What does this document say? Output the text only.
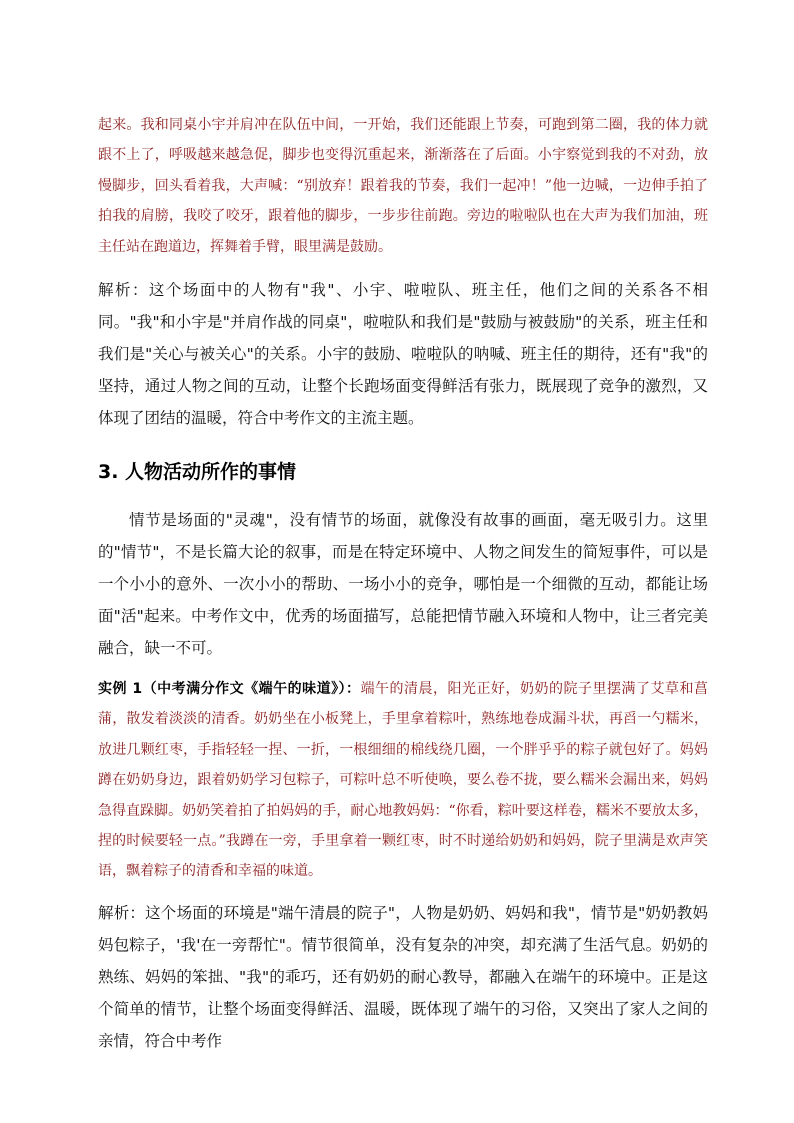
起来。我和同桌小宇并肩冲在队伍中间，一开始，我们还能跟上节奏，可跑到第二圈，我的体力就跟不上了，呼吸越来越急促，脚步也变得沉重起来，渐渐落在了后面。小宇察觉到我的不对劲，放慢脚步，回头看着我，大声喊：“别放弃！跟着我的节奏，我们一起冲！”他一边喊，一边伸手拍了拍我的肩膀，我咬了咬牙，跟着他的脚步，一步步往前跑。旁边的啦啦队也在大声为我们加油，班主任站在跑道边，挥舞着手臂，眼里满是鼓励。

解析：这个场面中的人物有"我"、小宇、啦啦队、班主任，他们之间的关系各不相同。"我"和小宇是"并肩作战的同桌"，啦啦队和我们是"鼓励与被鼓励"的关系，班主任和我们是"关心与被关心"的关系。小宇的鼓励、啦啦队的呐喊、班主任的期待，还有"我"的坚持，通过人物之间的互动，让整个长跑场面变得鲜活有张力，既展现了竞争的激烈，又体现了团结的温暖，符合中考作文的主流主题。

3. 人物活动所作的事情

情节是场面的"灵魂"，没有情节的场面，就像没有故事的画面，毫无吸引力。这里的"情节"，不是长篇大论的叙事，而是在特定环境中、人物之间发生的简短事件，可以是一个小小的意外、一次小小的帮助、一场小小的竞争，哪怕是一个细微的互动，都能让场面"活"起来。中考作文中，优秀的场面描写，总能把情节融入环境和人物中，让三者完美融合，缺一不可。

实例 1（中考满分作文《端午的味道》）：端午的清晨，阳光正好，奶奶的院子里摆满了艾草和菖蒲，散发着淡淡的清香。奶奶坐在小板凳上，手里拿着粽叶，熟练地卷成漏斗状，再舀一勺糯米，放进几颗红枣，手指轻轻一捏、一折，一根细细的棉线绕几圈，一个胖乎乎的粽子就包好了。妈妈蹲在奶奶身边，跟着奶奶学习包粽子，可粽叶总不听使唤，要么卷不拢，要么糯米会漏出来，妈妈急得直跺脚。奶奶笑着拍了拍妈妈的手，耐心地教妈妈：“你看，粽叶要这样卷，糯米不要放太多，捏的时候要轻一点。”我蹲在一旁，手里拿着一颗红枣，时不时递给奶奶和妈妈，院子里满是欢声笑语，飘着粽子的清香和幸福的味道。

解析：这个场面的环境是"端午清晨的院子"，人物是奶奶、妈妈和我"，情节是"奶奶教妈妈包粽子，'我'在一旁帮忙"。情节很简单，没有复杂的冲突，却充满了生活气息。奶奶的熟练、妈妈的笨拙、"我"的乖巧，还有奶奶的耐心教导，都融入在端午的环境中。正是这个简单的情节，让整个场面变得鲜活、温暖，既体现了端午的习俗，又突出了家人之间的亲情，符合中考作
